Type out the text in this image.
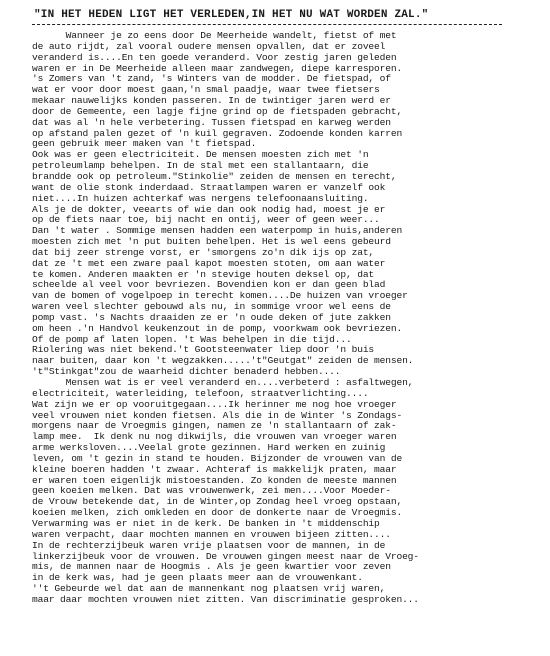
"IN HET HEDEN LIGT HET VERLEDEN,IN HET NU WAT WORDEN ZAL."
Wanneer je zo eens door De Meerheide wandelt, fietst of met
de auto rijdt, zal vooral oudere mensen opvallen, dat er zoveel
veranderd is....En ten goede veranderd. Voor zestig jaren geleden
waren er in De Meerheide alleen maar zandwegen, diepe karresporen.
's Zomers van 't zand, 's Winters van de modder. De fietspad, of
wat er voor door moest gaan,'n smal paadje, waar twee fietsers
mekaar nauwelijks konden passeren. In de twintiger jaren werd er
door de Gemeente, een lagje fijne grind op de fietspaden gebracht,
dat was al 'n hele verbetering. Tussen fietspad en karweg werden
op afstand palen gezet of 'n kuil gegraven. Zodoende konden karren
geen gebruik meer maken van 't fietspad.
Ook was er geen electriciteit. De mensen moesten zich met 'n
petroleumlamp behelpen. In de stal met een stallantaarn, die
brandde ook op petroleum."Stinkolie" zeiden de mensen en terecht,
want de olie stonk inderdaad. Straatlampen waren er vanzelf ook
niet....In huizen achterkaf was nergens telefoonaansluiting.
Als je de dokter, veearts of wie dan ook nodig had, moest je er
op de fiets naar toe, bij nacht en ontij, weer of geen weer...
Dan 't water . Sommige mensen hadden een waterpomp in huis,anderen
moesten zich met 'n put buiten behelpen. Het is wel eens gebeurd
dat bij zeer strenge vorst, er 'smorgens zo'n dik ijs op zat,
dat ze 't met een zware paal kapot moesten stoten, om aan water
te komen. Anderen maakten er 'n stevige houten deksel op, dat
scheelde al veel voor bevriezen. Bovendien kon er dan geen blad
van de bomen of vogelpoep in terecht komen....De huizen van vroeger
waren veel slechter gebouwd als nu, in sommige vroor wel eens de
pomp vast. 's Nachts draaiden ze er 'n oude deken of jute zakken
om heen .'n Handvol keukenzout in de pomp, voorkwam ook bevriezen.
Of de pomp af laten lopen. 't Was behelpen in die tijd...
Riolering was niet bekend.'t Gootsteenwater liep door 'n buis
naar buiten, daar kon 't wegzakken.....'t"Geutgat" zeiden de mensen.
't"Stinkgat"zou de waarheid dichter benaderd hebben....
Mensen wat is er veel veranderd en....verbeterd : asfaltwegen,
electriciteit, waterleiding, telefoon, straatverlichting....
Wat zijn we er op vooruitgegaan....Ik herinner me nog hoe vroeger
veel vrouwen niet konden fietsen. Als die in de Winter 's Zondags-
morgens naar de Vroegmis gingen, namen ze 'n stallantaarn of zak-
lamp mee.  Ik denk nu nog dikwijls, die vrouwen van vroeger waren
arme werksloven....Veelal grote gezinnen. Hard werken en zuinig
leven, om 't gezin in stand te houden. Bijzonder de vrouwen van de
kleine boeren hadden 't zwaar. Achteraf is makkelijk praten, maar
er waren toen eigenlijk mistoestanden. Zo konden de meeste mannen
geen koeien melken. Dat was vrouwenwerk, zei men....Voor Moeder-
de Vrouw betekende dat, in de Winter,op Zondag heel vroeg opstaan,
koeien melken, zich omkleden en door de donkerte naar de Vroegmis.
Verwarming was er niet in de kerk. De banken in 't middenschip
waren verpacht, daar mochten mannen en vrouwen bijeen zitten....
In de rechterzijbeuk waren vrije plaatsen voor de mannen, in de
linkerzijbeuk voor de vrouwen. De vrouwen gingen meest naar de Vroeg-
mis, de mannen naar de Hoogmis . Als je geen kwartier voor zeven
in de kerk was, had je geen plaats meer aan de vrouwenkant.
''t Gebeurde wel dat aan de mannenkant nog plaatsen vrij waren,
maar daar mochten vrouwen niet zitten. Van discriminatie gesproken...
